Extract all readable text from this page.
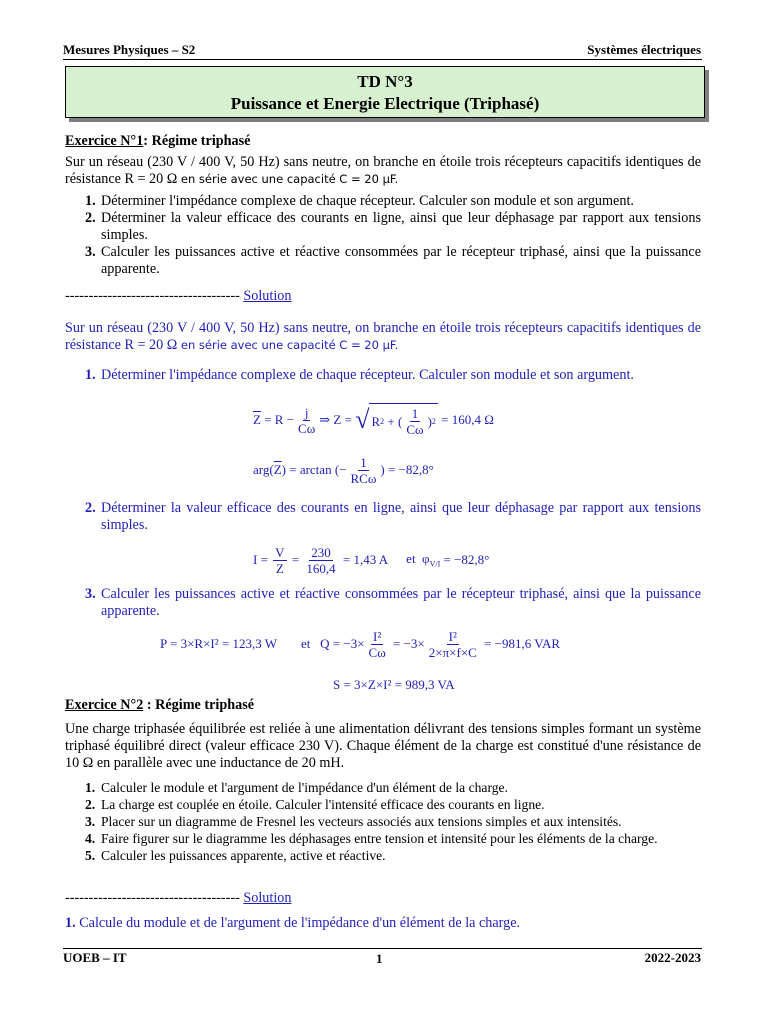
Mesures Physiques – S2	Systèmes électriques
TD N°3
Puissance et Energie Electrique (Triphasé)
Exercice N°1: Régime triphasé
Sur un réseau (230 V / 400 V, 50 Hz) sans neutre, on branche en étoile trois récepteurs capacitifs identiques de résistance R = 20 Ω en série avec une capacité C = 20 μF.
1. Déterminer l'impédance complexe de chaque récepteur. Calculer son module et son argument.
2. Déterminer la valeur efficace des courants en ligne, ainsi que leur déphasage par rapport aux tensions simples.
3. Calculer les puissances active et réactive consommées par le récepteur triphasé, ainsi que la puissance apparente.
------------------------------------- Solution
Sur un réseau (230 V / 400 V, 50 Hz) sans neutre, on branche en étoile trois récepteurs capacitifs identiques de résistance R = 20 Ω en série avec une capacité C = 20 μF.
1. Déterminer l'impédance complexe de chaque récepteur. Calculer son module et son argument.
$\overline{Z} = R - \frac{j}{C\omega}$ ⇒ Z = √ R 2 + ( $\frac{1}{C\omega}$ ) 2
= 160,4 Ω
arg( $\overline{Z}$ ) = arctan (− $\frac{1}{\text{RCω}}$ ) = −82,8°
2. Déterminer la valeur efficace des courants en ligne, ainsi que leur déphasage par rapport aux tensions simples.
$I = \frac{V}{Z} = \frac{230}{160,4}$
= 1,43 A et  $\varphi_{V/I} = -82,8^\circ$
3. Calculer les puissances active et réactive consommées par le récepteur triphasé, ainsi que la puissance apparente.
P = 3×R×I² = 123,3 W et   $Q = -3\times \frac{\text{I²}}{C\omega} = -3\times \frac{\text{I²}}{2\times\pi\times f\times C}$
= −981,6 VAR
S = 3×Z×I² = 989,3 VA
Exercice N°2 : Régime triphasé
Une charge triphasée équilibrée est reliée à une alimentation délivrant des tensions simples formant un système triphasé équilibré direct (valeur efficace 230 V). Chaque élément de la charge est constitué d'une résistance de 10 Ω en parallèle avec une inductance de 20 mH.
1. Calculer le module et l'argument de l'impédance d'un élément de la charge.
2. La charge est couplée en étoile. Calculer l'intensité efficace des courants en ligne.
3. Placer sur un diagramme de Fresnel les vecteurs associés aux tensions simples et aux intensités.
4. Faire figurer sur le diagramme les déphasages entre tension et intensité pour les éléments de la charge.
5. Calculer les puissances apparente, active et réactive.
------------------------------------- Solution
1. Calcule du module et de l'argument de l'impédance d'un élément de la charge.
UOEB – IT	1	2022-2023
